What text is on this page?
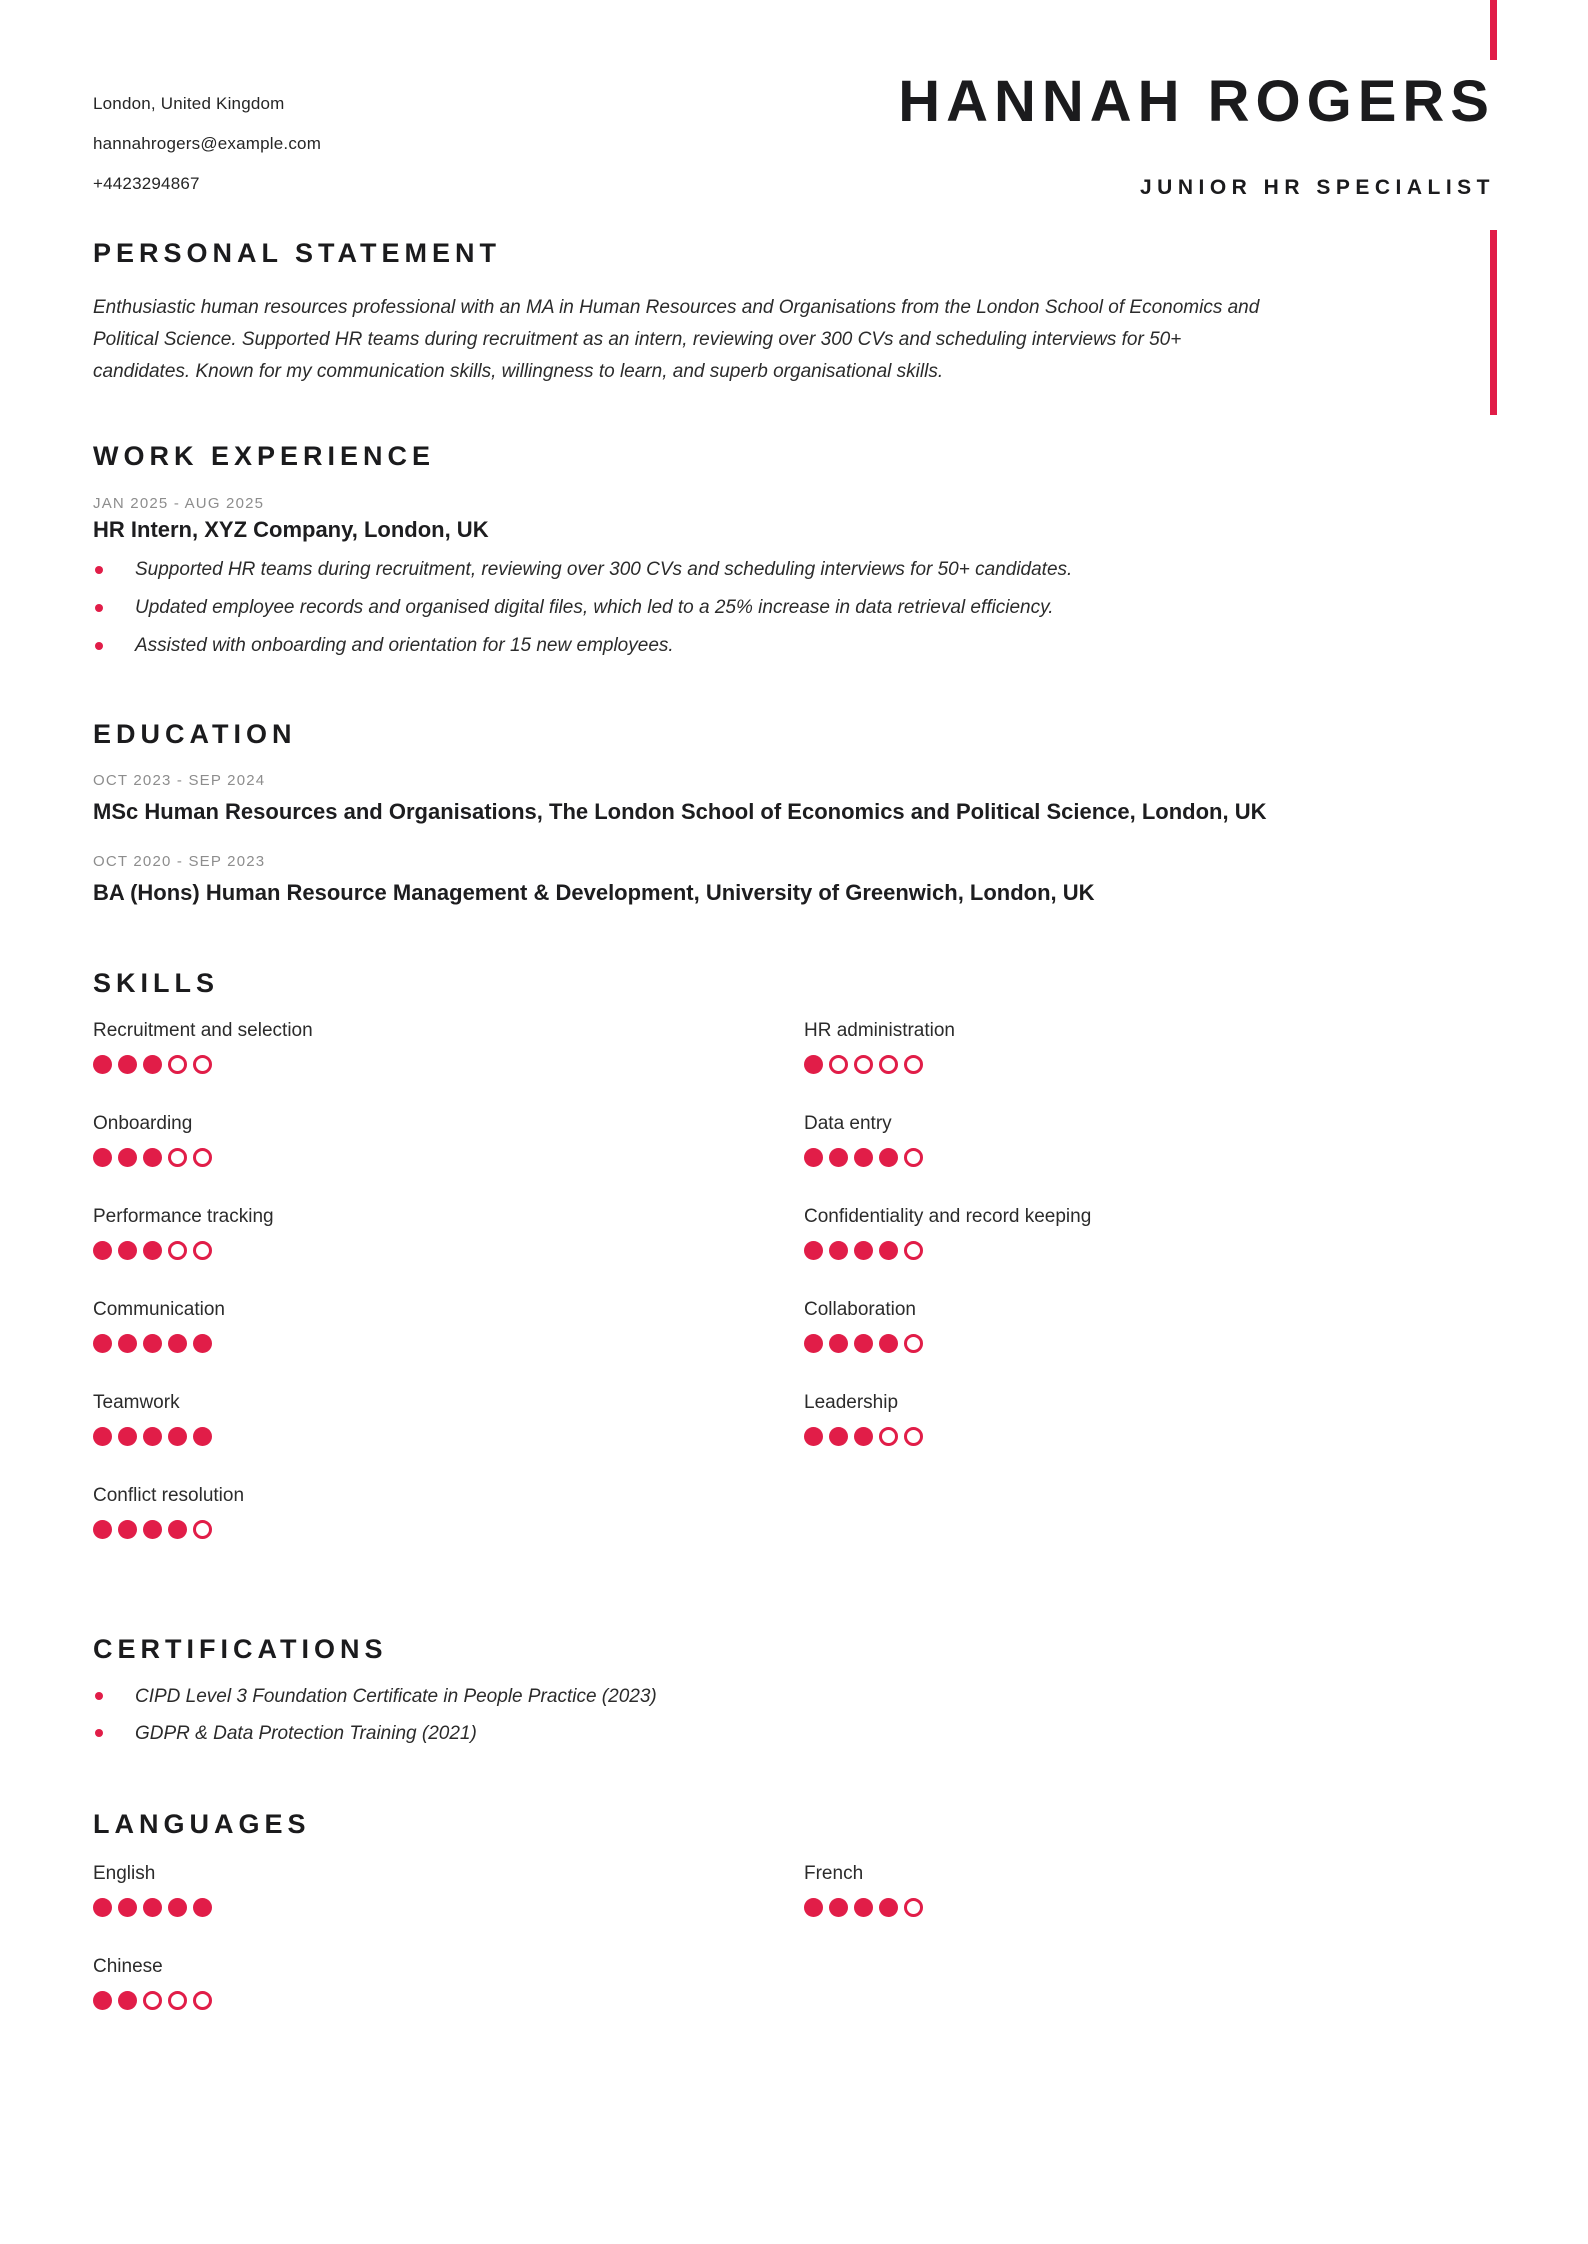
London, United Kingdom
hannahrogers@example.com
+4423294867
HANNAH ROGERS
JUNIOR HR SPECIALIST
PERSONAL STATEMENT

Enthusiastic human resources professional with an MA in Human Resources and Organisations from the London School of Economics and Political Science. Supported HR teams during recruitment as an intern, reviewing over 300 CVs and scheduling interviews for 50+ candidates. Known for my communication skills, willingness to learn, and superb organisational skills.

WORK EXPERIENCE
JAN 2025 - AUG 2025
HR Intern, XYZ Company, London, UK
Supported HR teams during recruitment, reviewing over 300 CVs and scheduling interviews for 50+ candidates.
Updated employee records and organised digital files, which led to a 25% increase in data retrieval efficiency.
Assisted with onboarding and orientation for 15 new employees.
EDUCATION
OCT 2023 - SEP 2024
MSc Human Resources and Organisations, The London School of Economics and Political Science, London, UK
OCT 2020 - SEP 2023
BA (Hons) Human Resource Management & Development, University of Greenwich, London, UK
SKILLS
Recruitment and selection	HR administration
Onboarding	Data entry
Performance tracking	Confidentiality and record keeping
Communication	Collaboration
Teamwork	Leadership
Conflict resolution
CERTIFICATIONS
CIPD Level 3 Foundation Certificate in People Practice (2023)
GDPR & Data Protection Training (2021)
LANGUAGES
English	French
Chinese
